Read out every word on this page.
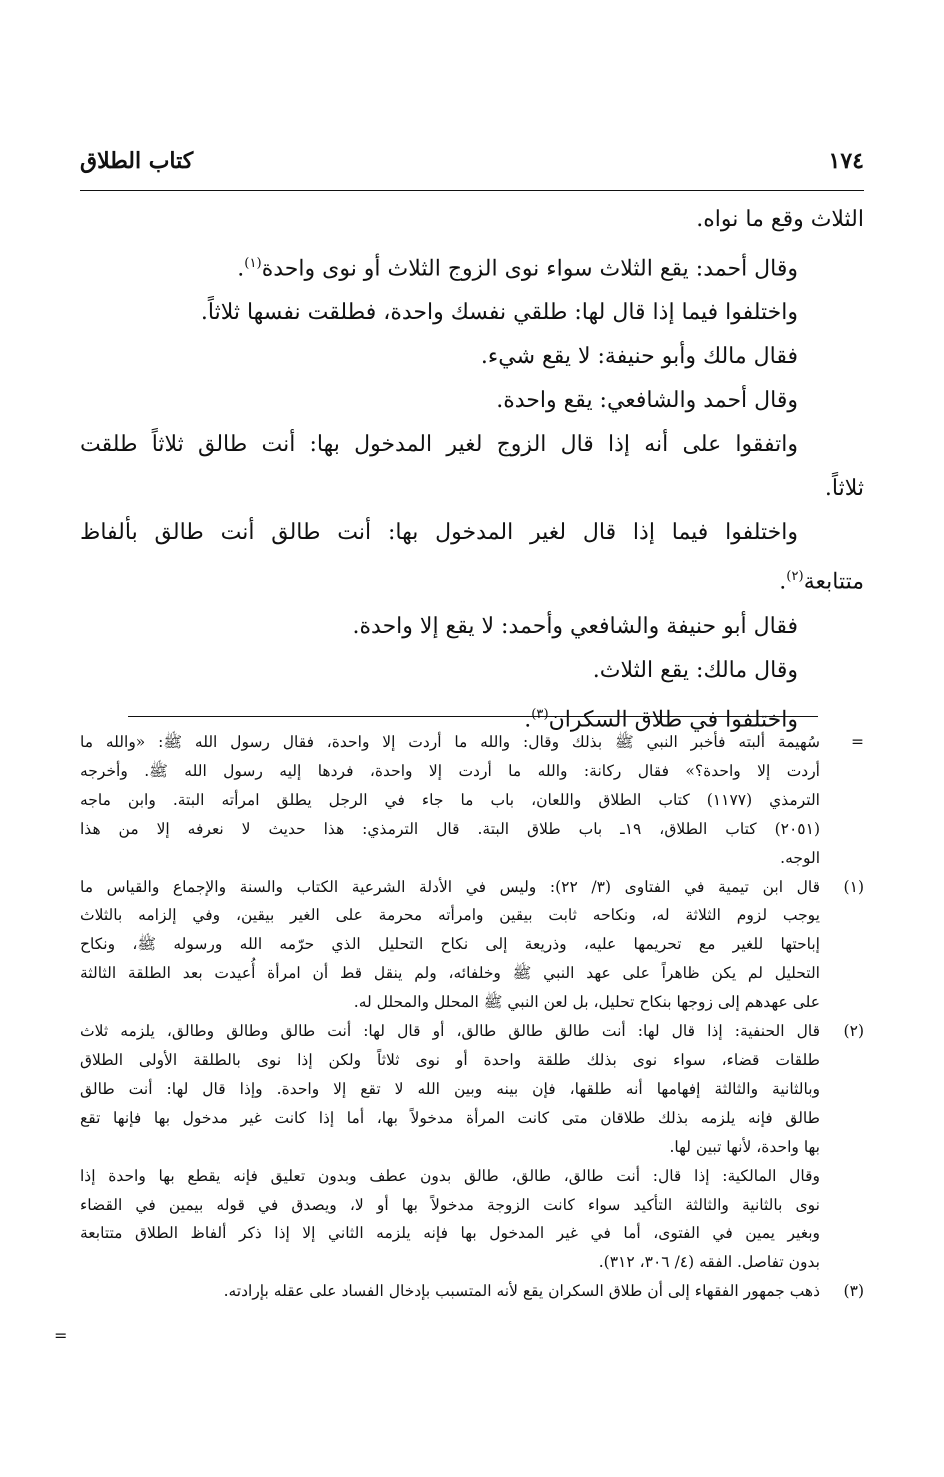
١٧٤
كتاب الطلاق
الثلاث وقع ما نواه.
وقال أحمد: يقع الثلاث سواء نوى الزوج الثلاث أو نوى واحدة$^{(١)}$.
واختلفوا فيما إذا قال لها: طلقي نفسك واحدة، فطلقت نفسها ثلاثاً.
فقال مالك وأبو حنيفة: لا يقع شيء.
وقال أحمد والشافعي: يقع واحدة.
واتفقوا على أنه إذا قال الزوج لغير المدخول بها: أنت طالق ثلاثاً طلقت
ثلاثاً.
واختلفوا فيما إذا قال لغير المدخول بها: أنت طالق أنت طالق بألفاظ
متتابعة$^{(٢)}$.
فقال أبو حنيفة والشافعي وأحمد: لا يقع إلا واحدة.
وقال مالك: يقع الثلاث.
واختلفوا في طلاق السكران$^{(٣)}$.
=
سُهيمة ألبته فأخبر النبي ﷺ بذلك وقال: والله ما أردت إلا واحدة، فقال رسول الله ﷺ: «والله ما
أردت إلا واحدة؟» فقال ركانة: والله ما أردت إلا واحدة، فردها إليه رسول الله ﷺ. وأخرجه
الترمذي (١١٧٧) كتاب الطلاق واللعان، باب ما جاء في الرجل يطلق امرأته البتة. وابن ماجه
(٢٠٥١) كتاب الطلاق، ١٩ـ باب طلاق البتة. قال الترمذي: هذا حديث لا نعرفه إلا من هذا
الوجه.
(١)
قال ابن تيمية في الفتاوى (٣/ ٢٢): وليس في الأدلة الشرعية الكتاب والسنة والإجماع والقياس ما
يوجب لزوم الثلاثة له، ونكاحه ثابت بيقين وامرأته محرمة على الغير بيقين، وفي إلزامه بالثلاث
إباحتها للغير مع تحريمها عليه، وذريعة إلى نكاح التحليل الذي حرّمه الله ورسوله ﷺ، ونكاح
التحليل لم يكن ظاهراً على عهد النبي ﷺ وخلفائه، ولم ينقل قط أن امرأة أُعيدت بعد الطلقة الثالثة
على عهدهم إلى زوجها بنكاح تحليل، بل لعن النبي ﷺ المحلل والمحلل له.
(٢)
قال الحنفية: إذا قال لها: أنت طالق طالق طالق، أو قال لها: أنت طالق وطالق وطالق، يلزمه ثلاث
طلقات قضاء، سواء نوى بذلك طلقة واحدة أو نوى ثلاثاً ولكن إذا نوى بالطلقة الأولى الطلاق
وبالثانية والثالثة إفهامها أنه طلقها، فإن بينه وبين الله لا تقع إلا واحدة. وإذا قال لها: أنت طالق
طالق فإنه يلزمه بذلك طلاقان متى كانت المرأة مدخولاً بها، أما إذا كانت غير مدخول بها فإنها تقع
بها واحدة، لأنها تبين لها.
وقال المالكية: إذا قال: أنت طالق، طالق، طالق بدون عطف وبدون تعليق فإنه يقطع بها واحدة إذا
نوى بالثانية والثالثة التأكيد سواء كانت الزوجة مدخولاً بها أو لا، ويصدق في قوله بيمين في القضاء
وبغير يمين في الفتوى، أما في غير المدخول بها فإنه يلزمه الثاني إلا إذا ذكر ألفاظ الطلاق متتابعة
بدون تفاصل. الفقه (٤/ ٣٠٦، ٣١٢).
(٣)
ذهب جمهور الفقهاء إلى أن طلاق السكران يقع لأنه المتسبب بإدخال الفساد على عقله بإرادته.
=
